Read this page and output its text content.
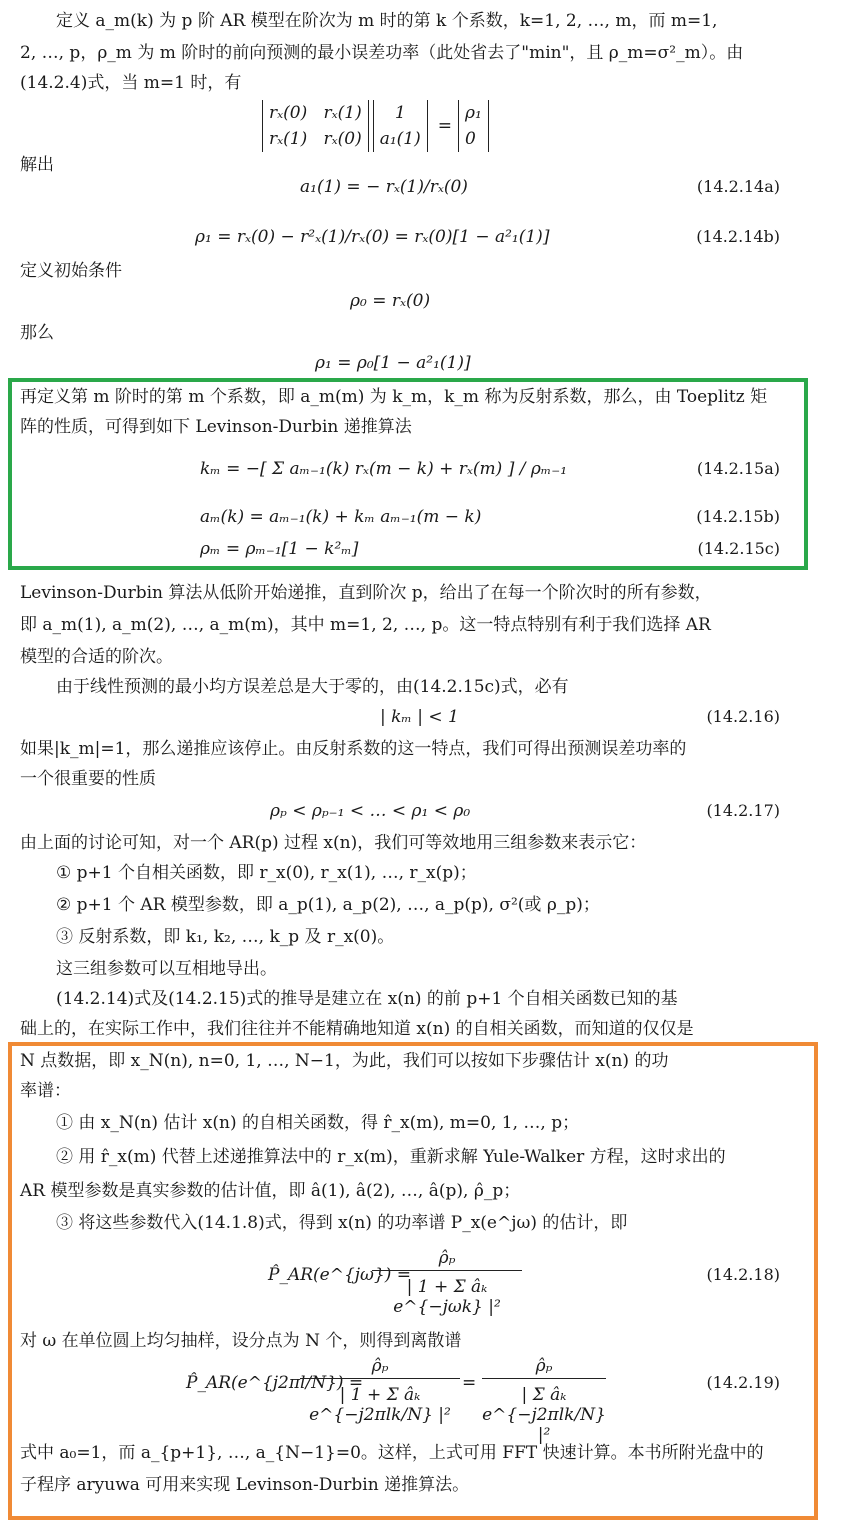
定义 a_m(k) 为 p 阶 AR 模型在阶次为 m 时的第 k 个系数，k=1, 2, …, m，而 m=1,
2, …, p，ρ_m 为 m 阶时的前向预测的最小误差功率（此处省去了"min"，且 ρ_m=σ²_m）。由
(14.2.4)式，当 m=1 时，有
rₓ(0) rₓ(1)
rₓ(1) rₓ(0)
1
a₁(1)
=
ρ₁
0
解出
a₁(1) = − rₓ(1)/rₓ(0)	(14.2.14a)
ρ₁ = rₓ(0) − r²ₓ(1)/rₓ(0) = rₓ(0)[1 − a²₁(1)]	(14.2.14b)
定义初始条件
ρ₀ = rₓ(0)
那么
ρ₁ = ρ₀[1 − a²₁(1)]
再定义第 m 阶时的第 m 个系数，即 a_m(m) 为 k_m，k_m 称为反射系数，那么，由 Toeplitz 矩
阵的性质，可得到如下 Levinson-Durbin 递推算法
kₘ = −[ Σ aₘ₋₁(k) rₓ(m − k) + rₓ(m) ] / ρₘ₋₁	(14.2.15a)
aₘ(k) = aₘ₋₁(k) + kₘ aₘ₋₁(m − k)	(14.2.15b)
ρₘ = ρₘ₋₁[1 − k²ₘ]	(14.2.15c)
Levinson-Durbin 算法从低阶开始递推，直到阶次 p，给出了在每一个阶次时的所有参数，
即 a_m(1), a_m(2), …, a_m(m)，其中 m=1, 2, …, p。这一特点特别有利于我们选择 AR
模型的合适的阶次。
由于线性预测的最小均方误差总是大于零的，由(14.2.15c)式，必有
| kₘ | < 1	(14.2.16)
如果|k_m|=1，那么递推应该停止。由反射系数的这一特点，我们可得出预测误差功率的
一个很重要的性质
ρₚ < ρₚ₋₁ < … < ρ₁ < ρ₀	(14.2.17)
由上面的讨论可知，对一个 AR(p) 过程 x(n)，我们可等效地用三组参数来表示它：
① p+1 个自相关函数，即 r_x(0), r_x(1), …, r_x(p)；
② p+1 个 AR 模型参数，即 a_p(1), a_p(2), …, a_p(p), σ²(或 ρ_p)；
③ 反射系数，即 k₁, k₂, …, k_p 及 r_x(0)。
这三组参数可以互相地导出。
(14.2.14)式及(14.2.15)式的推导是建立在 x(n) 的前 p+1 个自相关函数已知的基
础上的，在实际工作中，我们往往并不能精确地知道 x(n) 的自相关函数，而知道的仅仅是
N 点数据，即 x_N(n), n=0, 1, …, N−1，为此，我们可以按如下步骤估计 x(n) 的功
率谱：
① 由 x_N(n) 估计 x(n) 的自相关函数，得 r̂_x(m), m=0, 1, …, p；
② 用 r̂_x(m) 代替上述递推算法中的 r_x(m)，重新求解 Yule-Walker 方程，这时求出的
AR 模型参数是真实参数的估计值，即 â(1), â(2), …, â(p), ρ̂_p；
③ 将这些参数代入(14.1.8)式，得到 x(n) 的功率谱 P_x(e^jω) 的估计，即
P̂_AR(e^{jω}) =
ρ̂ₚ
| 1 + Σ âₖ e^{−jωk} |²
(14.2.18)
对 ω 在单位圆上均匀抽样，设分点为 N 个，则得到离散谱
P̂_AR(e^{j2πl/N}) =
ρ̂ₚ
| 1 + Σ âₖ e^{−j2πlk/N} |²
=
ρ̂ₚ
| Σ âₖ e^{−j2πlk/N} |²
(14.2.19)
式中 a₀=1，而 a_{p+1}, …, a_{N−1}=0。这样，上式可用 FFT 快速计算。本书所附光盘中的
子程序 aryuwa 可用来实现 Levinson-Durbin 递推算法。
